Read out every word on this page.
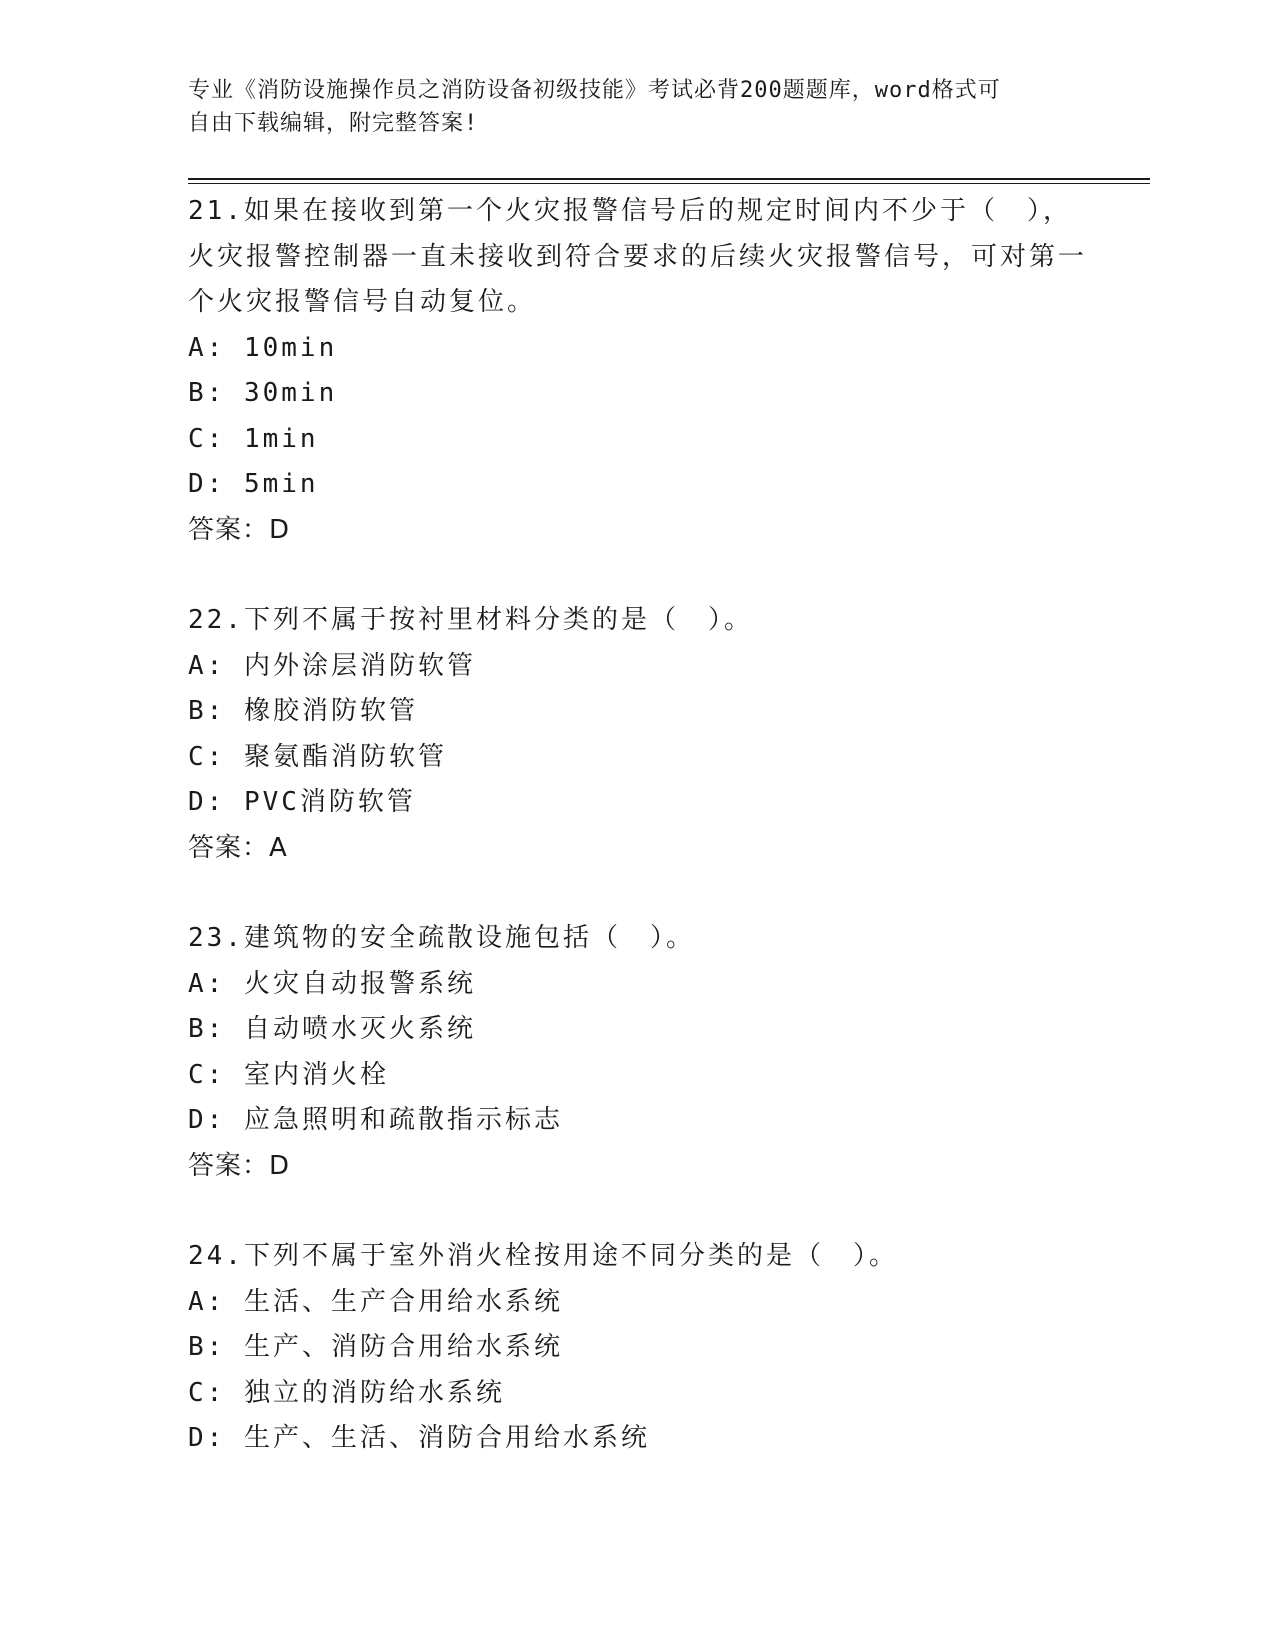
专业《消防设施操作员之消防设备初级技能》考试必背200题题库，word格式可
自由下载编辑，附完整答案!
21.如果在接收到第一个火灾报警信号后的规定时间内不少于（　），火灾报警控制器一直未接收到符合要求的后续火灾报警信号，可对第一个火灾报警信号自动复位。
A: 10min
B: 30min
C: 1min
D: 5min
答案：D
22.下列不属于按衬里材料分类的是（　）。
A: 内外涂层消防软管
B: 橡胶消防软管
C: 聚氨酯消防软管
D: PVC消防软管
答案：A
23.建筑物的安全疏散设施包括（　）。
A: 火灾自动报警系统
B: 自动喷水灭火系统
C: 室内消火栓
D: 应急照明和疏散指示标志
答案：D
24.下列不属于室外消火栓按用途不同分类的是（　）。
A: 生活、生产合用给水系统
B: 生产、消防合用给水系统
C: 独立的消防给水系统
D: 生产、生活、消防合用给水系统
